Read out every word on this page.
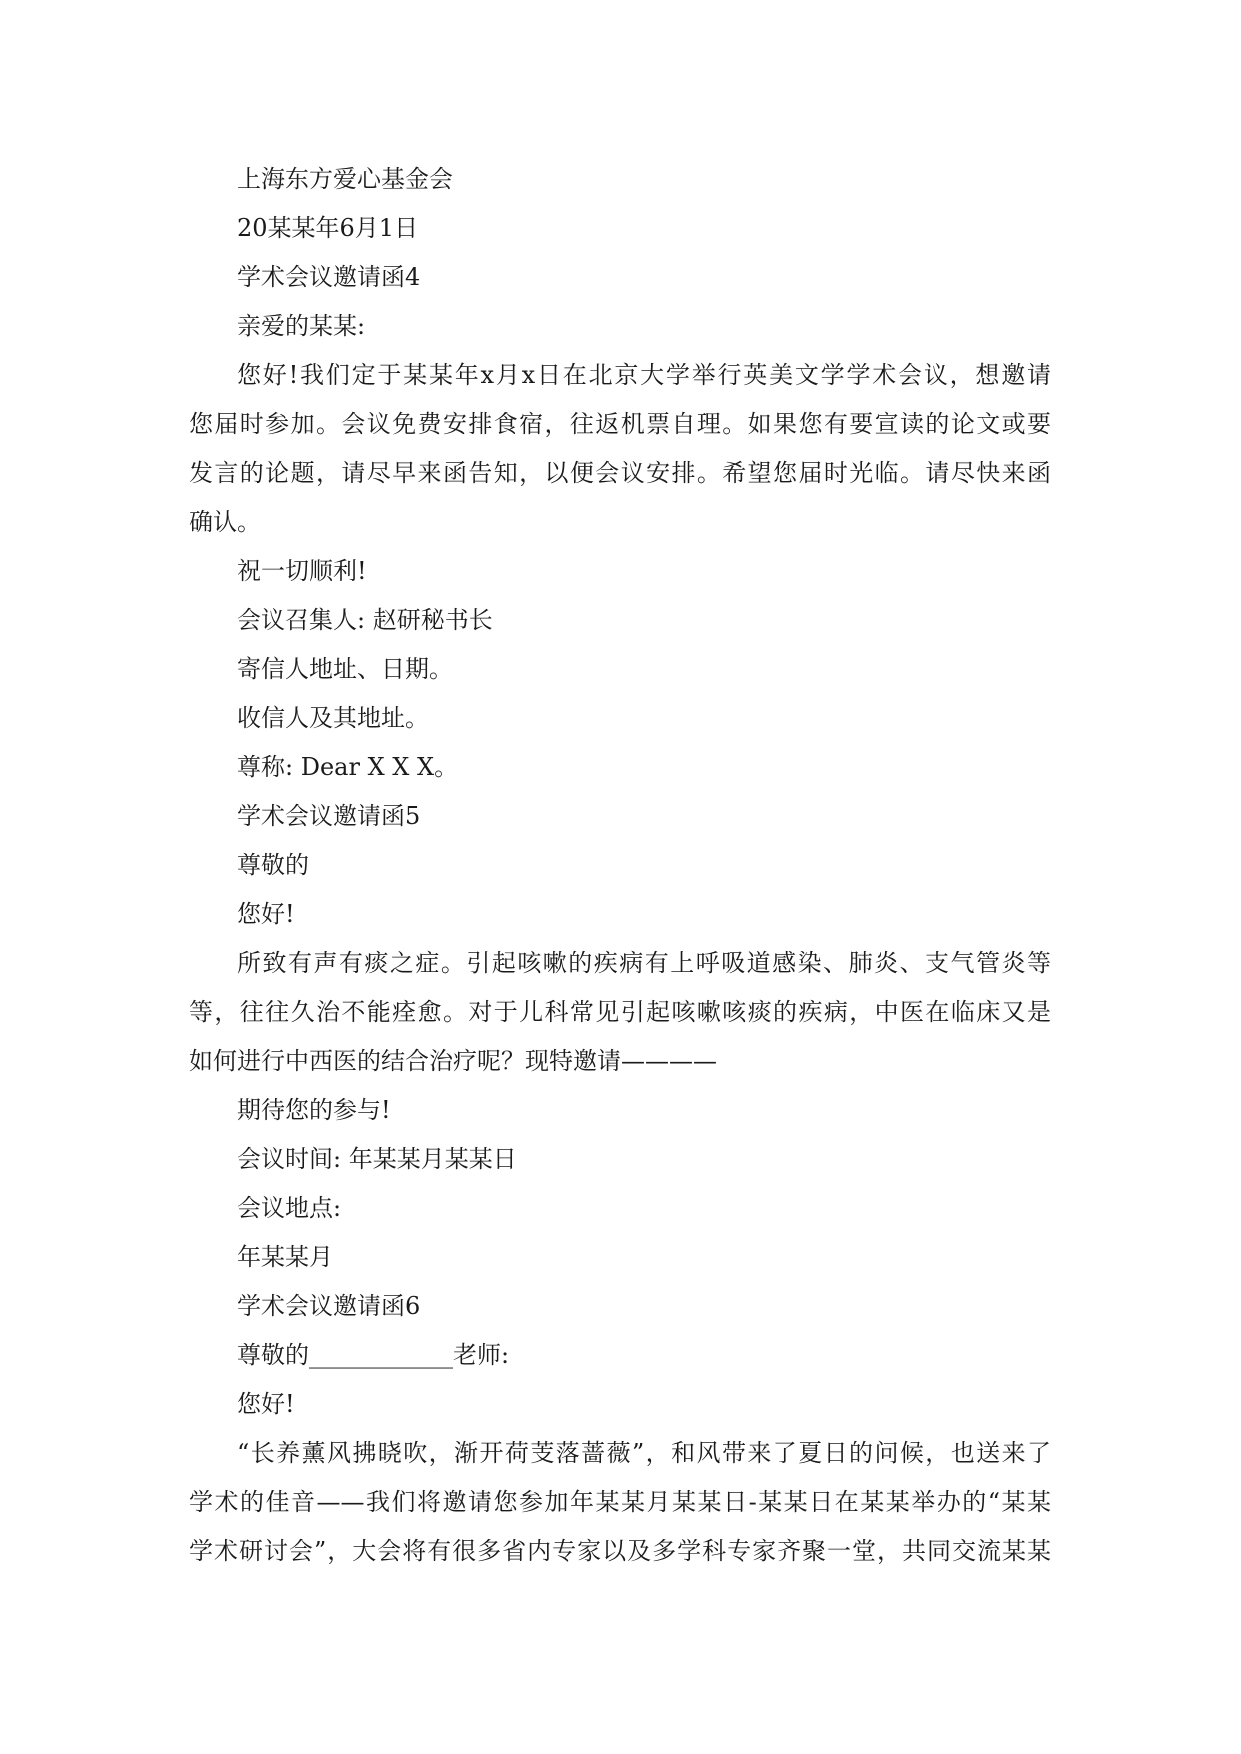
上海东方爱心基金会
20某某年6月1日
学术会议邀请函4
亲爱的某某:
您好!我们定于某某年x月x日在北京大学举行英美文学学术会议，想邀请
您届时参加。会议免费安排食宿，往返机票自理。如果您有要宣读的论文或要
发言的论题，请尽早来函告知，以便会议安排。希望您届时光临。请尽快来函
确认。
祝一切顺利!
会议召集人: 赵研秘书长
寄信人地址、日期。
收信人及其地址。
尊称: Dear X X X。
学术会议邀请函5
尊敬的
您好!
所致有声有痰之症。引起咳嗽的疾病有上呼吸道感染、肺炎、支气管炎等
等，往往久治不能痊愈。对于儿科常见引起咳嗽咳痰的疾病，中医在临床又是
如何进行中西医的结合治疗呢？现特邀请————
期待您的参与!
会议时间: 年某某月某某日
会议地点:
年某某月
学术会议邀请函6
尊敬的____________老师:
您好!
“长养薰风拂晓吹，渐开荷芰落蔷薇”，和风带来了夏日的问候，也送来了
学术的佳音——我们将邀请您参加年某某月某某日-某某日在某某举办的“某某
学术研讨会”，大会将有很多省内专家以及多学科专家齐聚一堂，共同交流某某
